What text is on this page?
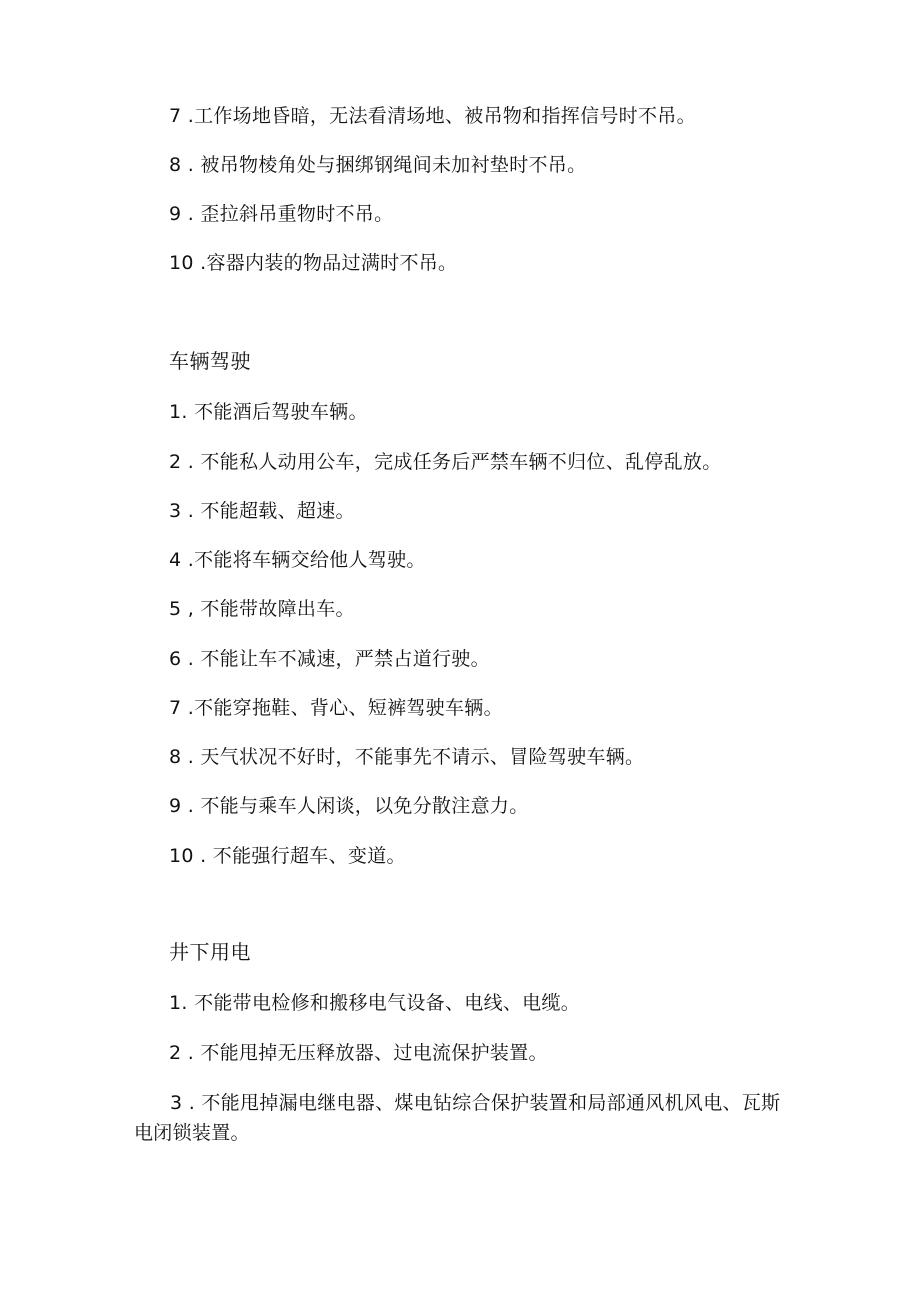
7 .工作场地昏暗，无法看清场地、被吊物和指挥信号时不吊。
8 . 被吊物棱角处与捆绑钢绳间未加衬垫时不吊。
9 . 歪拉斜吊重物时不吊。
10 .容器内装的物品过满时不吊。
车辆驾驶
1. 不能酒后驾驶车辆。
2 . 不能私人动用公车，完成任务后严禁车辆不归位、乱停乱放。
3 . 不能超载、超速。
4 .不能将车辆交给他人驾驶。
5 , 不能带故障出车。
6 . 不能让车不减速，严禁占道行驶。
7 .不能穿拖鞋、背心、短裤驾驶车辆。
8 . 天气状况不好时，不能事先不请示、冒险驾驶车辆。
9 . 不能与乘车人闲谈，以免分散注意力。
10 . 不能强行超车、变道。
井下用电
1. 不能带电检修和搬移电气设备、电线、电缆。
2 . 不能甩掉无压释放器、过电流保护装置。
3 . 不能甩掉漏电继电器、煤电钻综合保护装置和局部通风机风电、瓦斯电闭锁装置。
